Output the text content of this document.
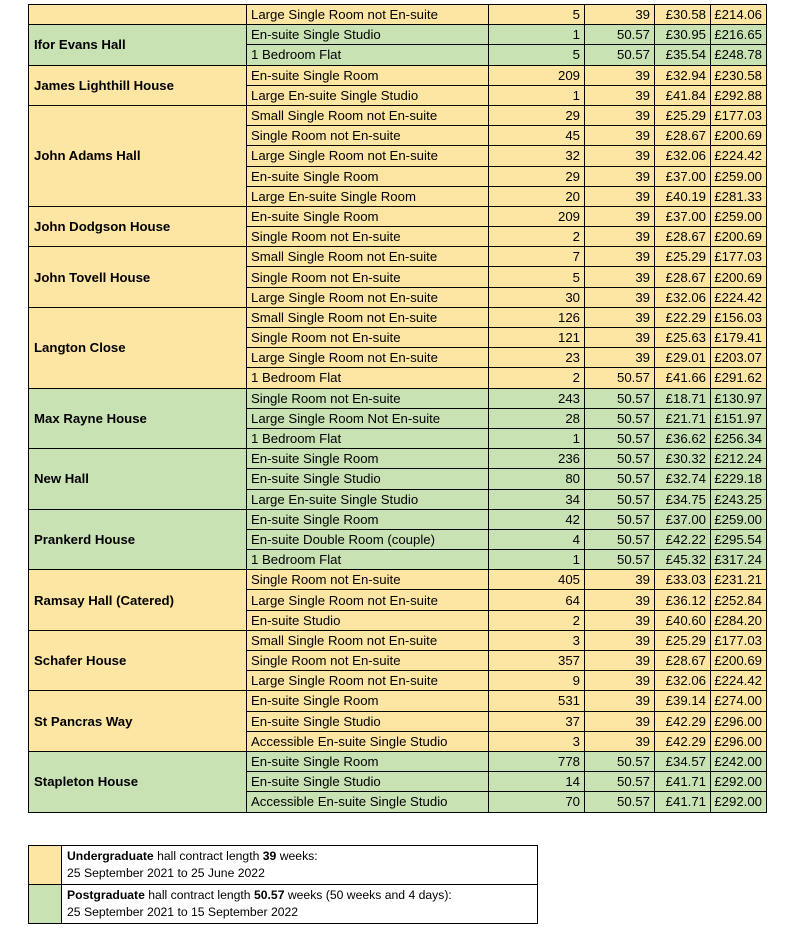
	Large Single Room not En-suite	5	39	£30.58	£214.06
Ifor Evans Hall	En-suite Single Studio	1	50.57	£30.95	£216.65
	1 Bedroom Flat	5	50.57	£35.54	£248.78
James Lighthill House	En-suite Single Room	209	39	£32.94	£230.58
	Large En-suite Single Studio	1	39	£41.84	£292.88
John Adams Hall	Small Single Room not En-suite	29	39	£25.29	£177.03
	Single Room not En-suite	45	39	£28.67	£200.69
	Large Single Room not En-suite	32	39	£32.06	£224.42
	En-suite Single Room	29	39	£37.00	£259.00
	Large En-suite Single Room	20	39	£40.19	£281.33
John Dodgson House	En-suite Single Room	209	39	£37.00	£259.00
	Single Room not En-suite	2	39	£28.67	£200.69
John Tovell House	Small Single Room not En-suite	7	39	£25.29	£177.03
	Single Room not En-suite	5	39	£28.67	£200.69
	Large Single Room not En-suite	30	39	£32.06	£224.42
Langton Close	Small Single Room not En-suite	126	39	£22.29	£156.03
	Single Room not En-suite	121	39	£25.63	£179.41
	Large Single Room not En-suite	23	39	£29.01	£203.07
	1 Bedroom Flat	2	50.57	£41.66	£291.62
Max Rayne House	Single Room not En-suite	243	50.57	£18.71	£130.97
	Large Single Room Not En-suite	28	50.57	£21.71	£151.97
	1 Bedroom Flat	1	50.57	£36.62	£256.34
New Hall	En-suite Single Room	236	50.57	£30.32	£212.24
	En-suite Single Studio	80	50.57	£32.74	£229.18
	Large En-suite Single Studio	34	50.57	£34.75	£243.25
Prankerd House	En-suite Single Room	42	50.57	£37.00	£259.00
	En-suite Double Room (couple)	4	50.57	£42.22	£295.54
	1 Bedroom Flat	1	50.57	£45.32	£317.24
Ramsay Hall (Catered)	Single Room not En-suite	405	39	£33.03	£231.21
	Large Single Room not En-suite	64	39	£36.12	£252.84
	En-suite Studio	2	39	£40.60	£284.20
Schafer House	Small Single Room not En-suite	3	39	£25.29	£177.03
	Single Room not En-suite	357	39	£28.67	£200.69
	Large Single Room not En-suite	9	39	£32.06	£224.42
St Pancras Way	En-suite Single Room	531	39	£39.14	£274.00
	En-suite Single Studio	37	39	£42.29	£296.00
	Accessible En-suite Single Studio	3	39	£42.29	£296.00
Stapleton House	En-suite Single Room	778	50.57	£34.57	£242.00
	En-suite Single Studio	14	50.57	£41.71	£292.00
	Accessible En-suite Single Studio	70	50.57	£41.71	£292.00
	Undergraduate hall contract length 39 weeks:
25 September 2021 to 25 June 2022
	Postgraduate hall contract length 50.57 weeks (50 weeks and 4 days):
25 September 2021 to 15 September 2022
